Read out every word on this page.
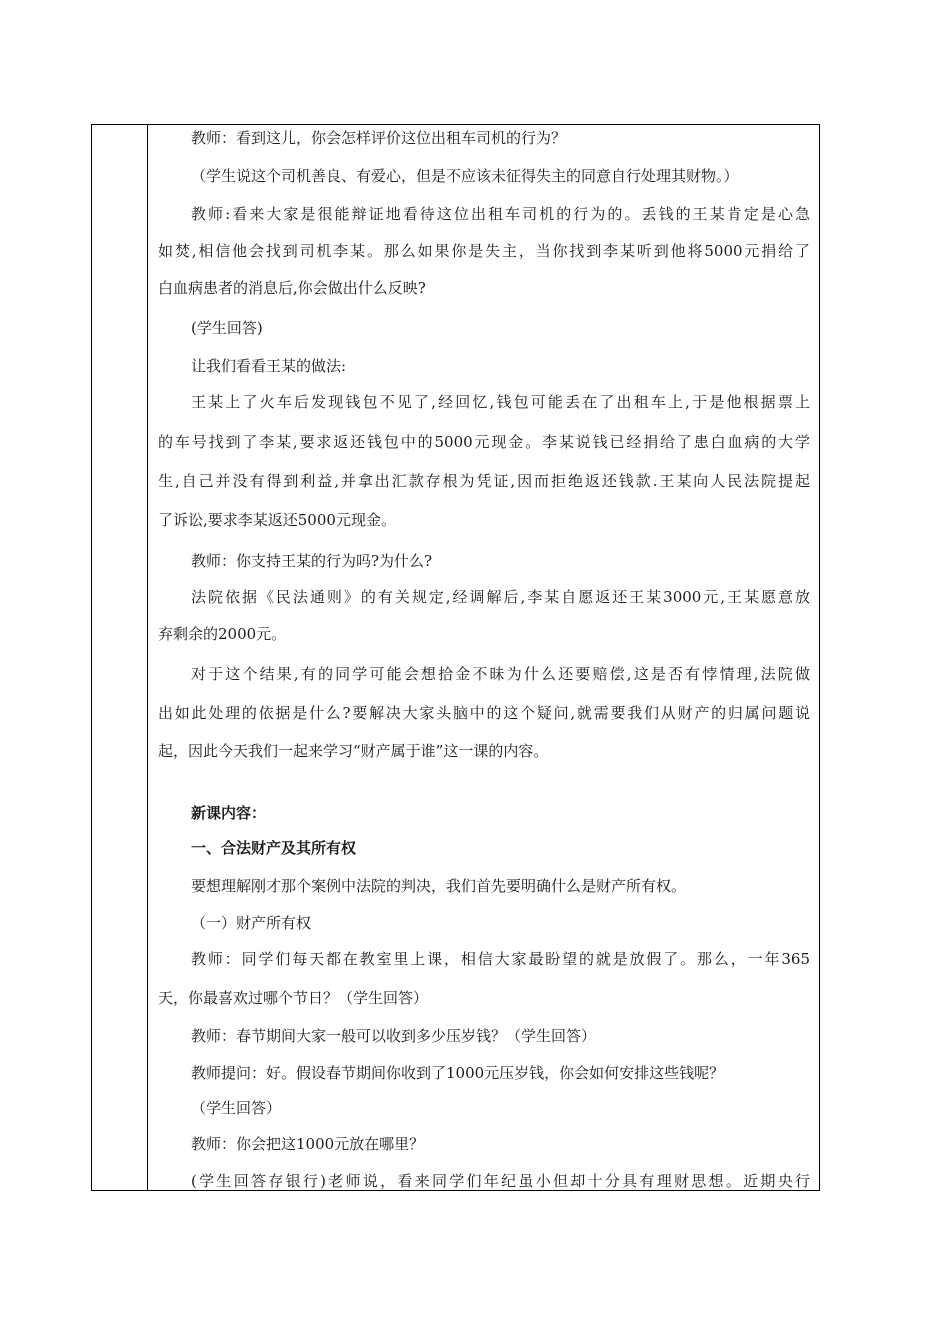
教师：看到这儿，你会怎样评价这位出租车司机的行为？
（学生说这个司机善良、有爱心，但是不应该未征得失主的同意自行处理其财物。）
教师:看来大家是很能辩证地看待这位出租车司机的行为的。丢钱的王某肯定是心急
如焚,相信他会找到司机李某。那么如果你是失主，当你找到李某听到他将5000元捐给了
白血病患者的消息后,你会做出什么反映?
(学生回答)
让我们看看王某的做法:
王某上了火车后发现钱包不见了,经回忆,钱包可能丢在了出租车上,于是他根据票上
的车号找到了李某,要求返还钱包中的5000元现金。李某说钱已经捐给了患白血病的大学
生,自己并没有得到利益,并拿出汇款存根为凭证,因而拒绝返还钱款.王某向人民法院提起
了诉讼,要求李某返还5000元现金。
教师：你支持王某的行为吗?为什么?
法院依据《民法通则》的有关规定,经调解后,李某自愿返还王某3000元,王某愿意放
弃剩余的2000元。
对于这个结果,有的同学可能会想拾金不昧为什么还要赔偿,这是否有悖情理,法院做
出如此处理的依据是什么?要解决大家头脑中的这个疑问,就需要我们从财产的归属问题说
起，因此今天我们一起来学习“财产属于谁”这一课的内容。
新课内容：
一、合法财产及其所有权
要想理解刚才那个案例中法院的判决，我们首先要明确什么是财产所有权。
（一）财产所有权
教师：同学们每天都在教室里上课，相信大家最盼望的就是放假了。那么，一年365
天，你最喜欢过哪个节日？（学生回答）
教师：春节期间大家一般可以收到多少压岁钱？（学生回答）
教师提问：好。假设春节期间你收到了1000元压岁钱，你会如何安排这些钱呢？
（学生回答）
教师：你会把这1000元放在哪里？
(学生回答存银行)老师说，看来同学们年纪虽小但却十分具有理财思想。近期央行
